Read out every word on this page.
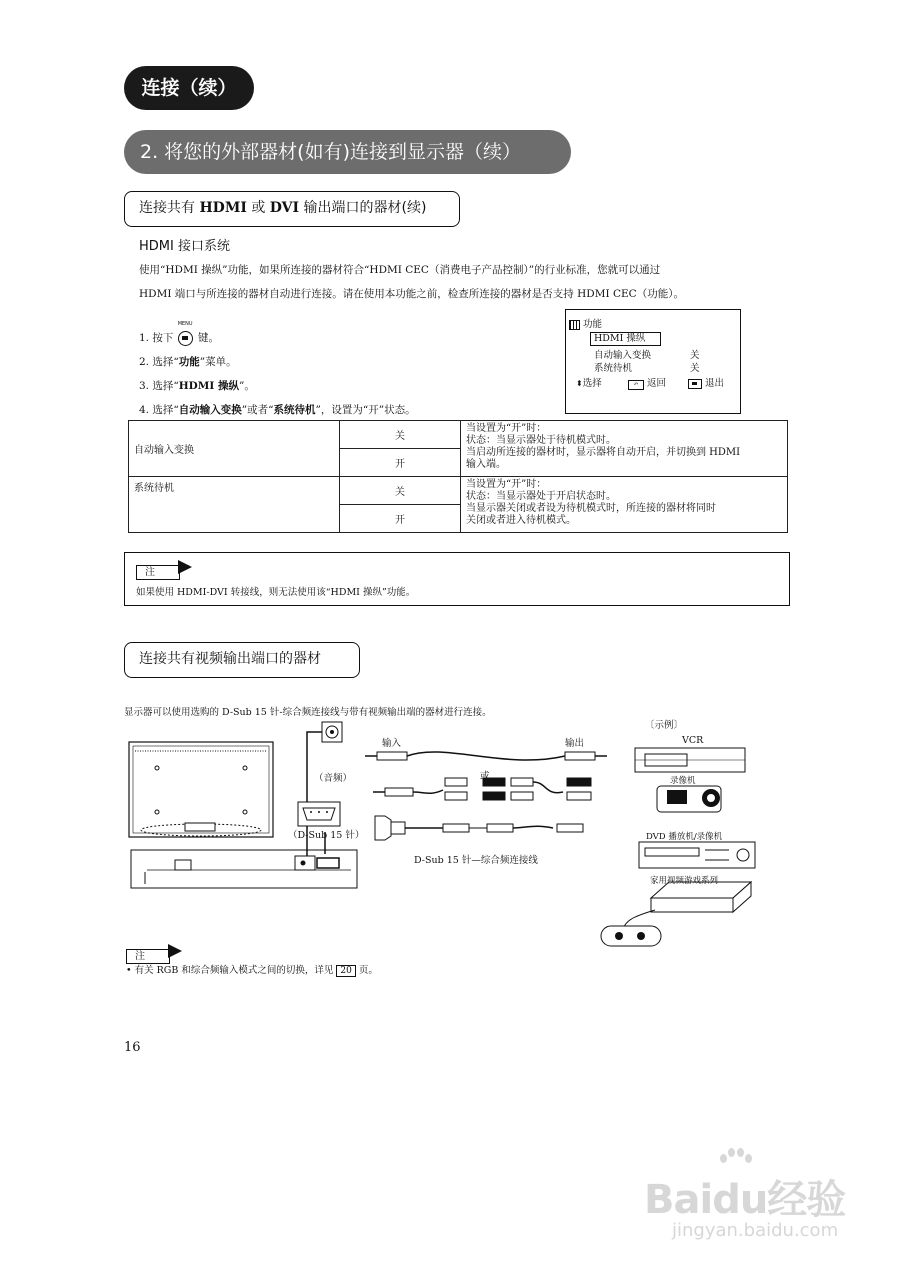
连接（续）
2. 将您的外部器材(如有)连接到显示器（续）
连接共有 HDMI 或 DVI 输出端口的器材(续)
HDMI 接口系统
使用“HDMI 操纵”功能，如果所连接的器材符合“HDMI CEC（消费电子产品控制）”的行业标准，您就可以通过
HDMI 端口与所连接的器材自动进行连接。请在使用本功能之前，检查所连接的器材是否支持 HDMI CEC（功能）。
1. 按下
MENU
键。
2. 选择“功能”菜单。
3. 选择“HDMI 操纵”。
4. 选择“自动输入变换”或者“系统待机”，设置为“开”状态。
功能
HDMI 操纵
自动输入变换	关
系统待机	关
⬍选择	↶ 返回	退出
自动输入变换	关	当设置为“开”时：
状态：当显示器处于待机模式时。
当启动所连接的器材时，显示器将自动开启，并切换到 HDMI
输入端。

	开	
系统待机	关	当设置为“开”时：
状态：当显示器处于开启状态时。
当显示器关闭或者设为待机模式时，所连接的器材将同时
关闭或者进入待机模式。

	开	
注
如果使用 HDMI-DVI 转接线，则无法使用该“HDMI 操纵”功能。
连接共有视频输出端口的器材
显示器可以使用选购的 D-Sub 15 针-综合频连接线与带有视频输出端的器材进行连接。
（音频）
（D-Sub 15 针）
输入	输出
或
D-Sub 15 针—综合频连接线
〔示例〕
VCR
录像机
DVD 播放机/录像机
家用视频游戏系列
注
• 有关 RGB 和综合频输入模式之间的切换，详见 20 页。
16
Baidu经验
jingyan.baidu.com
